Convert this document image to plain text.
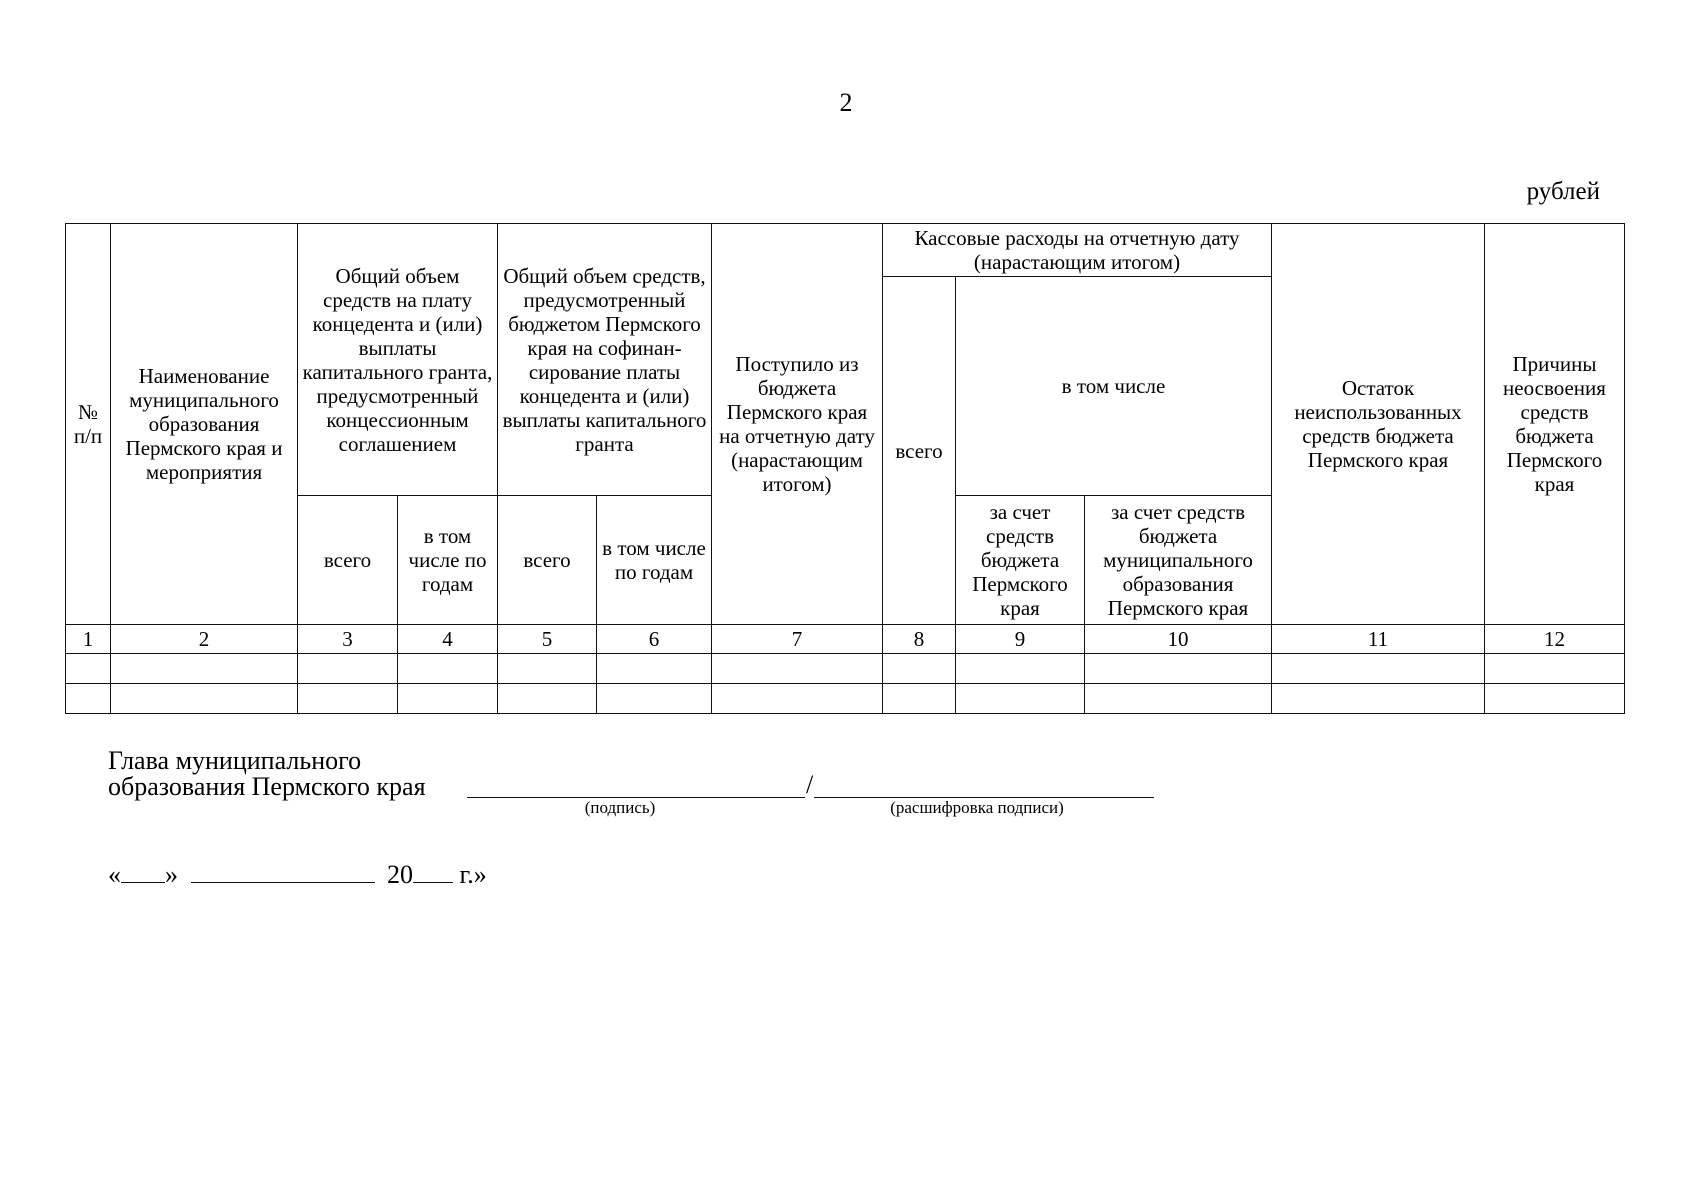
2
рублей
№ п/п	Наименование муниципального образования Пермского края и мероприятия	Общий объем средств на плату концедента и (или) выплаты капитального гранта, предусмотренный концессионным соглашением		Общий объем средств, предусмотренный бюджетом Пермского края на софинан-сирование платы концедента и (или) выплаты капитального гранта		Поступило из бюджета Пермского края на отчетную дату (нарастающим итогом)	Кассовые расходы на отчетную дату (нарастающим итогом)			Остаток неиспользованных средств бюджета Пермского края	Причины неосвоения средств бюджета Пермского края
							всего	в том числе			
		всего	в том числе по годам	всего	в том числе по годам			за счет средств бюджета Пермского края	за счет средств бюджета муниципального образования Пермского края		
1	2	3	4	5	6	7	8	9	10	11	12

Глава муниципального
образования Пермского края	/
(подпись)	(расшифровка подписи)
« »	20 г.»
